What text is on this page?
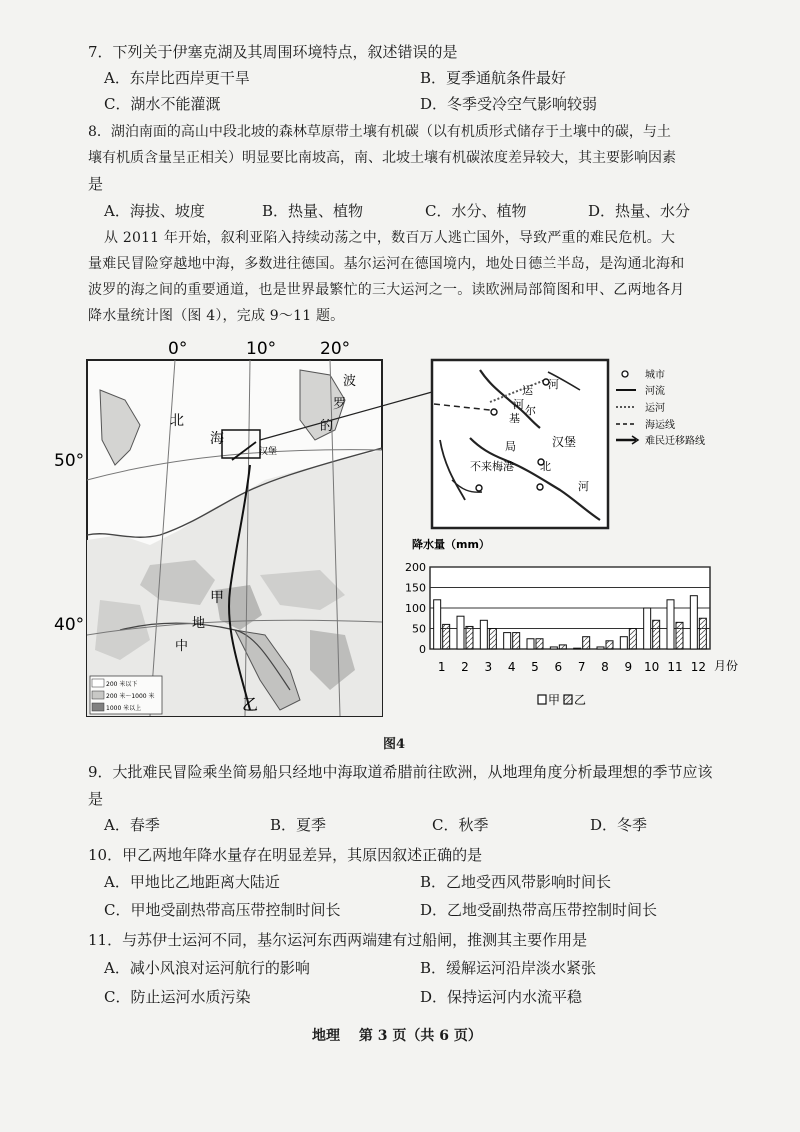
7．下列关于伊塞克湖及其周围环境特点，叙述错误的是
A．东岸比西岸更干旱	B．夏季通航条件最好
C．湖水不能灌溉	D．冬季受冷空气影响较弱
8．湖泊南面的高山中段北坡的森林草原带土壤有机碳（以有机质形式储存于土壤中的碳，与土
壤有机质含量呈正相关）明显要比南坡高，南、北坡土壤有机碳浓度差异较大，其主要影响因素
是
A．海拔、坡度	B．热量、植物	C．水分、植物	D．热量、水分
从 2011 年开始，叙利亚陷入持续动荡之中，数百万人逃亡国外，导致严重的难民危机。大
量难民冒险穿越地中海，多数进往德国。基尔运河在德国境内，地处日德兰半岛，是沟通北海和
波罗的海之间的重要通道，也是世界最繁忙的三大运河之一。读欧洲局部简图和甲、乙两地各月
降水量统计图（图 4），完成 9～11 题。
0°	10°	20°
50°
40°
北
海
波
罗
的
汉堡
甲
地
中
乙
200 米以下
200 米～1000 米
1000 米以上
河
运
河
基
尔
局	汉堡
不来梅港 北
河
城市
河流
运河
海运线
难民迁移路线
降水量（mm）
200
150
100
50
0
1 2 3 4 5 6 7 8 9 10 11 12 月份
甲 乙
图4
9．大批难民冒险乘坐简易船只经地中海取道希腊前往欧洲，从地理角度分析最理想的季节应该
是
A．春季	B．夏季	C．秋季	D．冬季
10．甲乙两地年降水量存在明显差异，其原因叙述正确的是
A．甲地比乙地距离大陆近	B．乙地受西风带影响时间长
C．甲地受副热带高压带控制时间长	D．乙地受副热带高压带控制时间长
11．与苏伊士运河不同，基尔运河东西两端建有过船闸，推测其主要作用是
A．减小风浪对运河航行的影响	B．缓解运河沿岸淡水紧张
C．防止运河水质污染	D．保持运河内水流平稳
地理　 第 3 页（共 6 页）
